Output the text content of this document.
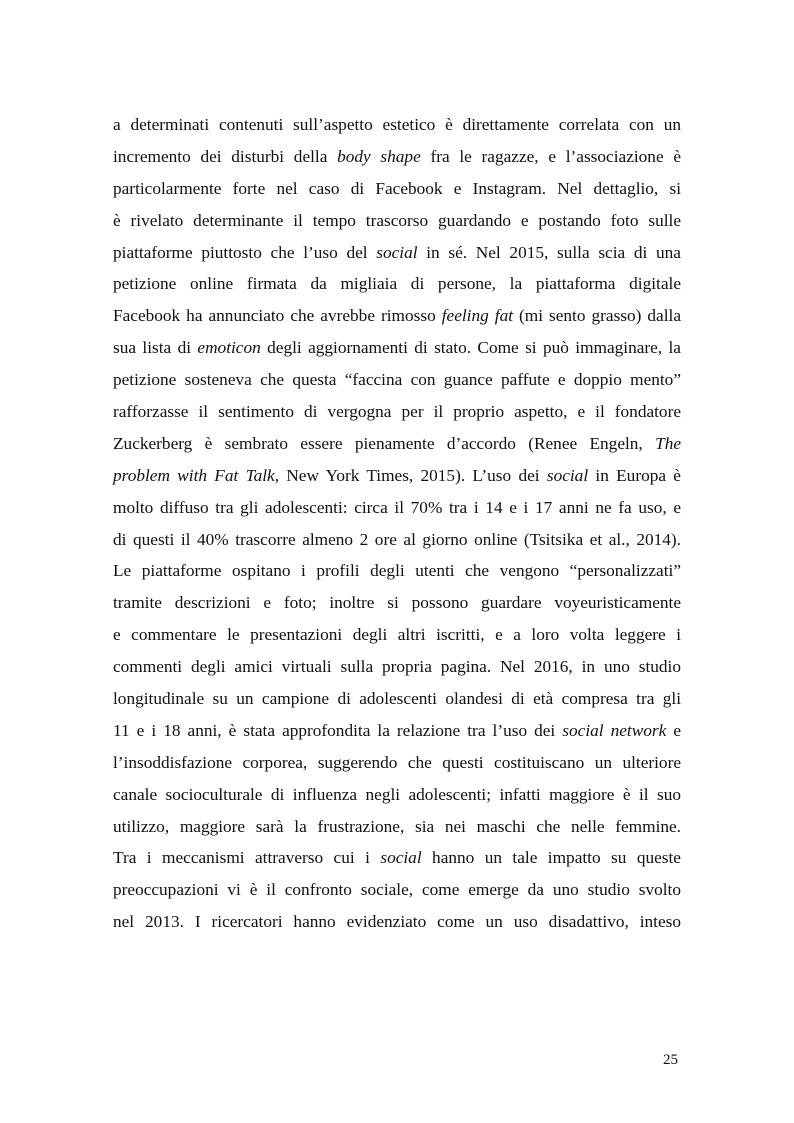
a determinati contenuti sull’aspetto estetico è direttamente correlata con un
incremento dei disturbi della body shape fra le ragazze, e l’associazione è
particolarmente forte nel caso di Facebook e Instagram. Nel dettaglio, si
è rivelato determinante il tempo trascorso guardando e postando foto sulle
piattaforme piuttosto che l’uso del social in sé. Nel 2015, sulla scia di una
petizione online firmata da migliaia di persone, la piattaforma digitale
Facebook ha annunciato che avrebbe rimosso feeling fat (mi sento grasso) dalla
sua lista di emoticon degli aggiornamenti di stato. Come si può immaginare, la
petizione sosteneva che questa “faccina con guance paffute e doppio mento”
rafforzasse il sentimento di vergogna per il proprio aspetto, e il fondatore
Zuckerberg è sembrato essere pienamente d’accordo (Renee Engeln, The
problem with Fat Talk, New York Times, 2015). L’uso dei social in Europa è
molto diffuso tra gli adolescenti: circa il 70% tra i 14 e i 17 anni ne fa uso, e
di questi il 40% trascorre almeno 2 ore al giorno online (Tsitsika et al., 2014).
Le piattaforme ospitano i profili degli utenti che vengono “personalizzati”
tramite descrizioni e foto; inoltre si possono guardare voyeuristicamente
e commentare le presentazioni degli altri iscritti, e a loro volta leggere i
commenti degli amici virtuali sulla propria pagina. Nel 2016, in uno studio
longitudinale su un campione di adolescenti olandesi di età compresa tra gli
11 e i 18 anni, è stata approfondita la relazione tra l’uso dei social network e
l’insoddisfazione corporea, suggerendo che questi costituiscano un ulteriore
canale socioculturale di influenza negli adolescenti; infatti maggiore è il suo
utilizzo, maggiore sarà la frustrazione, sia nei maschi che nelle femmine.
Tra i meccanismi attraverso cui i social hanno un tale impatto su queste
preoccupazioni vi è il confronto sociale, come emerge da uno studio svolto
nel 2013. I ricercatori hanno evidenziato come un uso disadattivo, inteso
25
